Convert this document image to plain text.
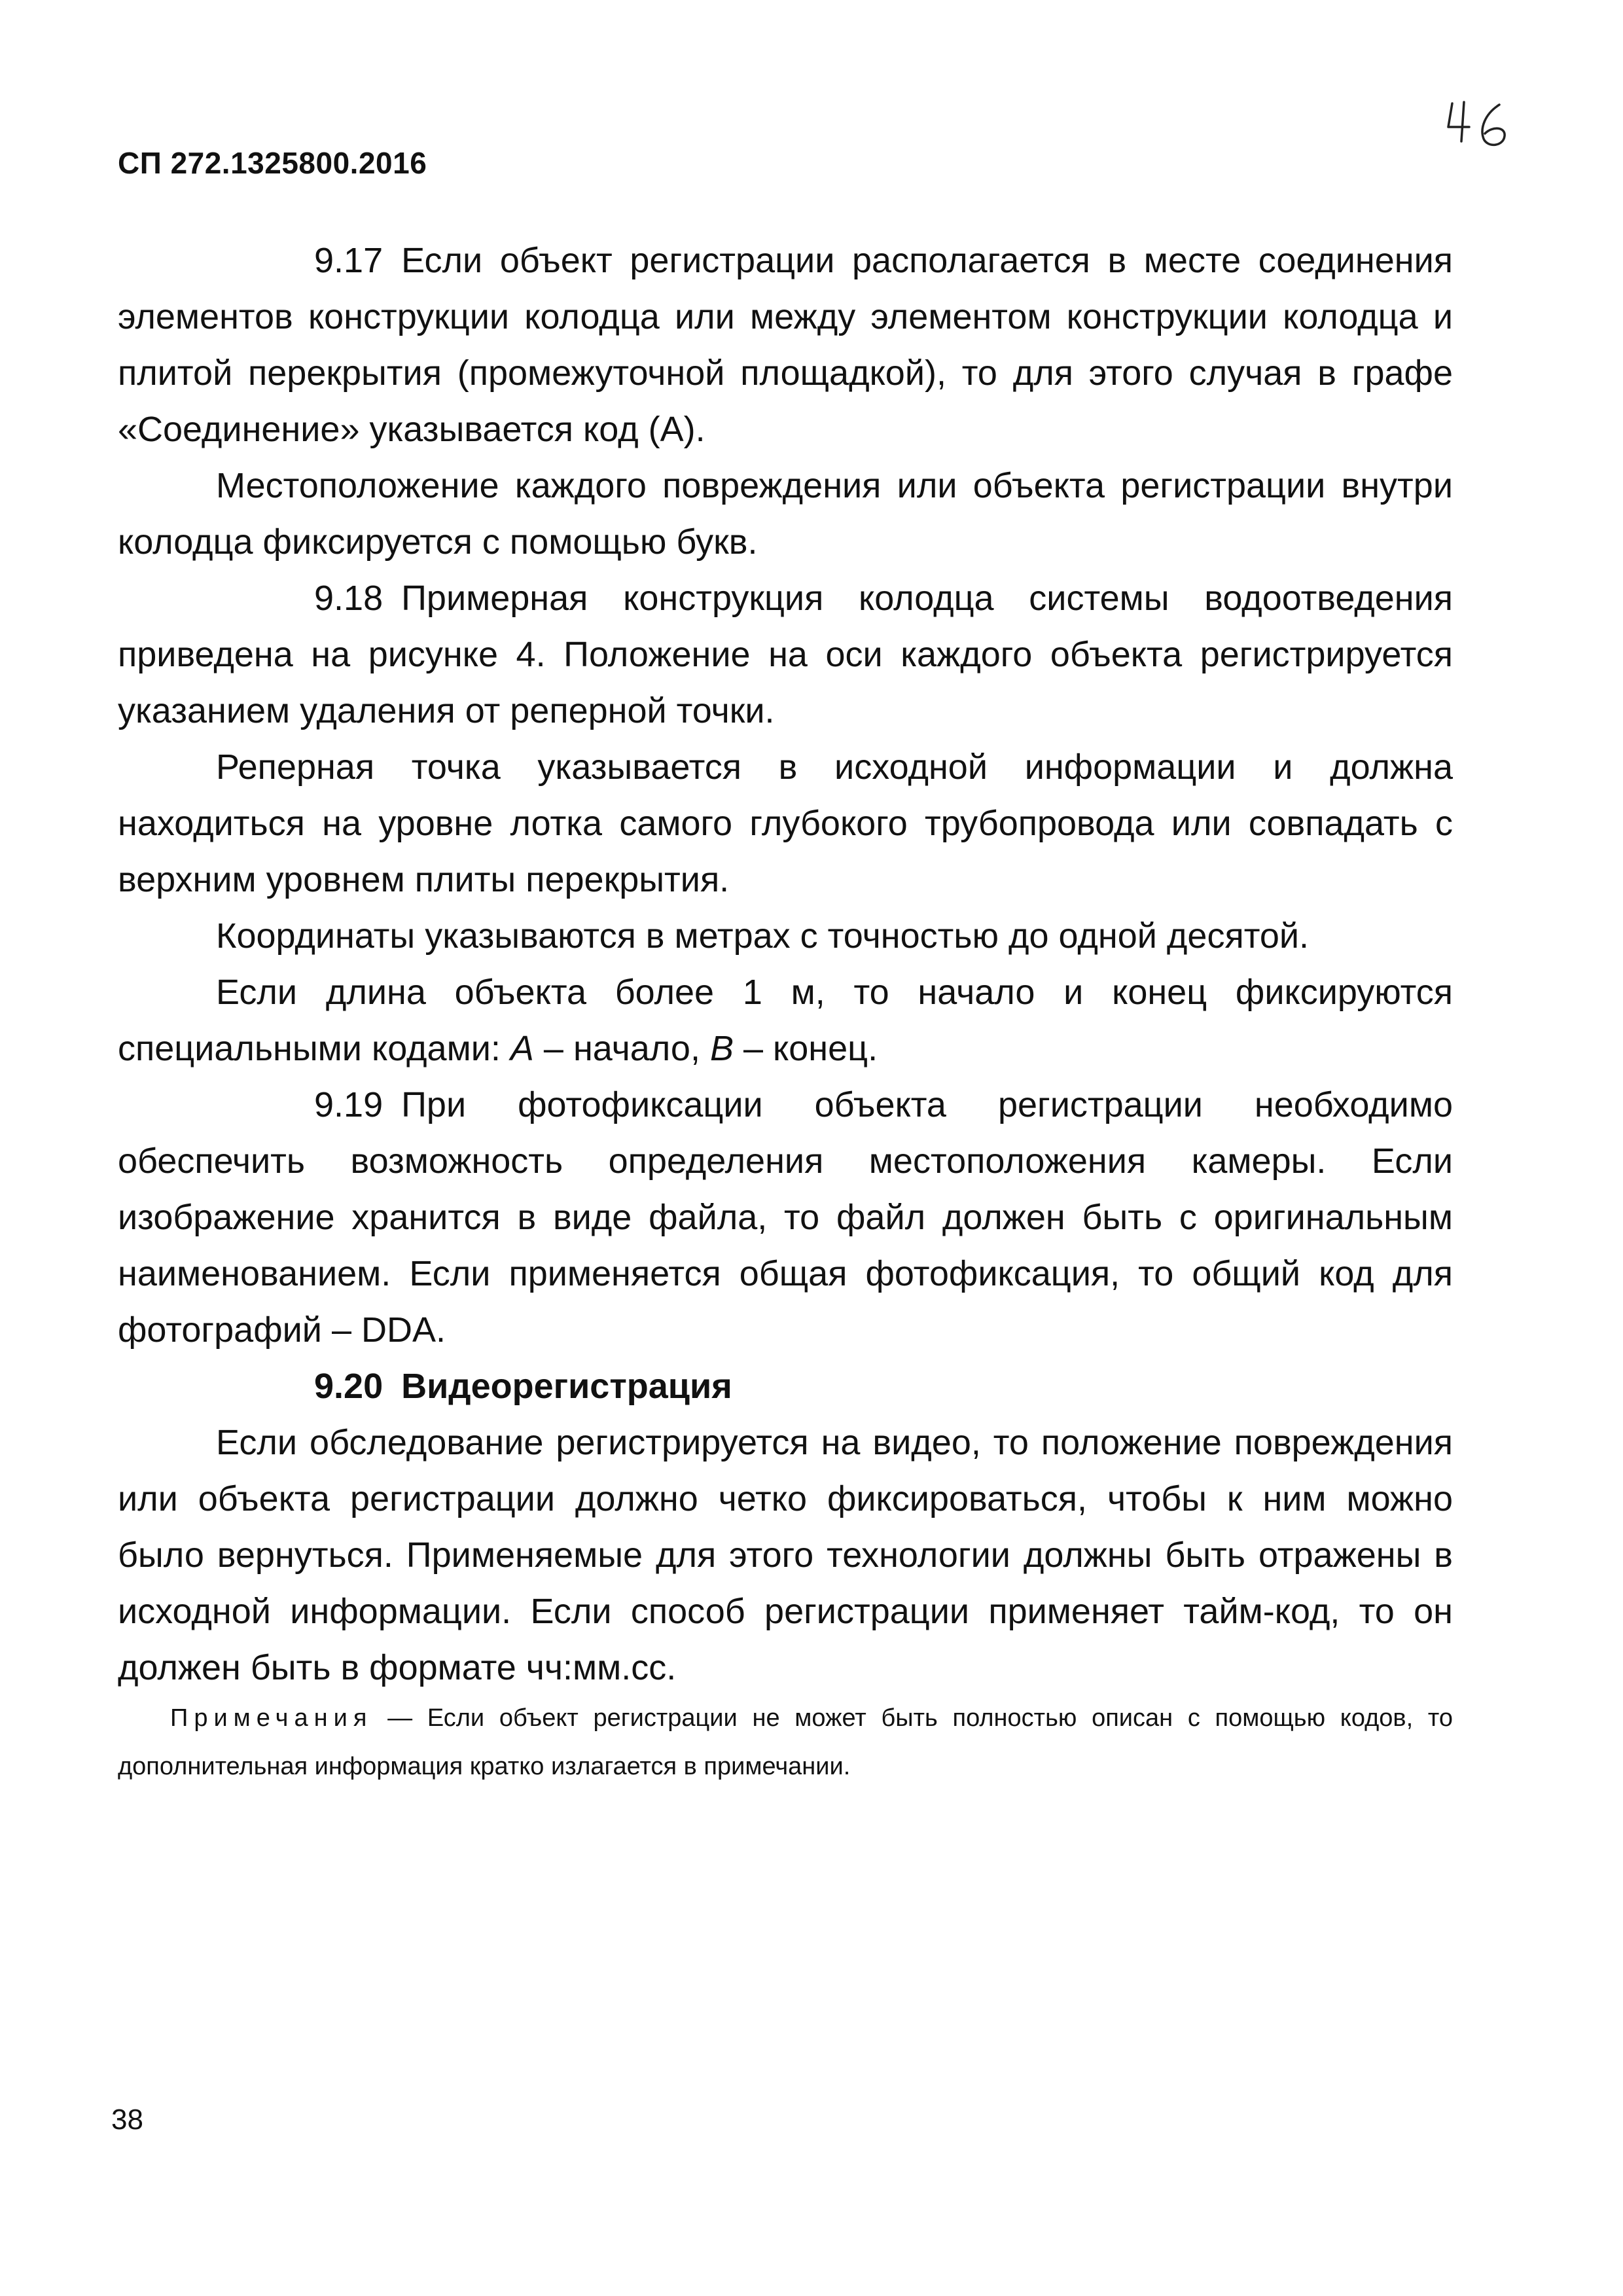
СП 272.1325800.2016

9.17 Если объект регистрации располагается в месте соединения элементов конструкции колодца или между элементом конструкции колодца и плитой перекрытия (промежуточной площадкой), то для этого случая в графе «Соединение» указывается код (А).

Местоположение каждого повреждения или объекта регистрации внутри колодца фиксируется с помощью букв.

9.18 Примерная конструкция колодца системы водоотведения приведена на рисунке 4. Положение на оси каждого объекта регистрируется указанием удаления от реперной точки.

Реперная точка указывается в исходной информации и должна находиться на уровне лотка самого глубокого трубопровода или совпадать с верхним уровнем плиты перекрытия.

Координаты указываются в метрах с точностью до одной десятой.

Если длина объекта более 1 м, то начало и конец фиксируются специальными кодами: A – начало, B – конец.

9.19 При фотофиксации объекта регистрации необходимо обеспечить возможность определения местоположения камеры. Если изображение хранится в виде файла, то файл должен быть с оригинальным наименованием. Если применяется общая фотофиксация, то общий код для фотографий – DDA.

9.20 Видеорегистрация

Если обследование регистрируется на видео, то положение повреждения или объекта регистрации должно четко фиксироваться, чтобы к ним можно было вернуться. Применяемые для этого технологии должны быть отражены в исходной информации. Если способ регистрации применяет тайм-код, то он должен быть в формате чч:мм.сс.

Примечания — Если объект регистрации не может быть полностью описан с помощью кодов, то дополнительная информация кратко излагается в примечании.
38
